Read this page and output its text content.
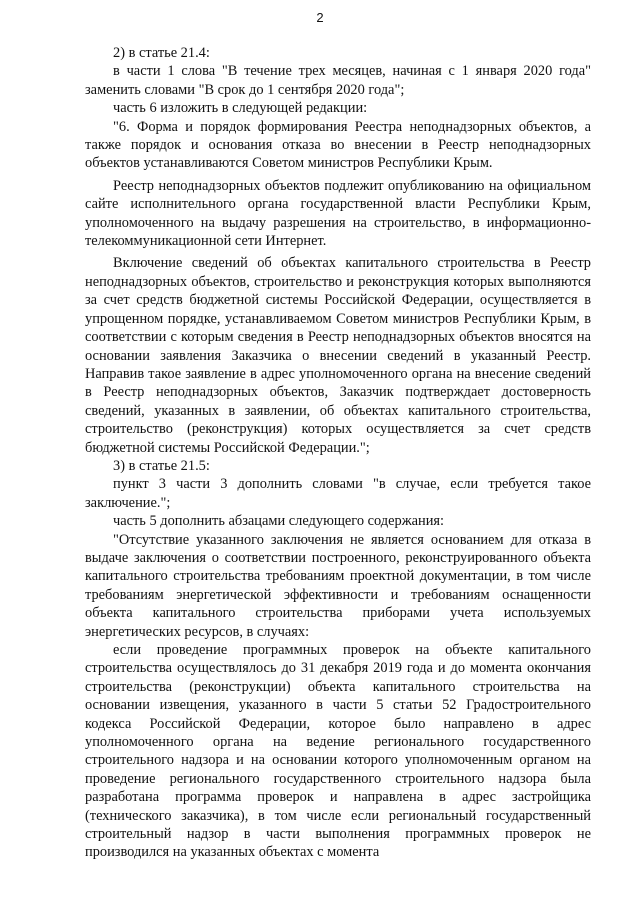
2

2) в статье 21.4:

в части 1 слова "В течение трех месяцев, начиная с 1 января 2020 года" заменить словами "В срок до 1 сентября 2020 года";

часть 6 изложить в следующей редакции:

"6. Форма и порядок формирования Реестра неподнадзорных объектов, а также порядок и основания отказа во внесении в Реестр неподнадзорных объектов устанавливаются Советом министров Республики Крым.

Реестр неподнадзорных объектов подлежит опубликованию на официальном сайте исполнительного органа государственной власти Республики Крым, уполномоченного на выдачу разрешения на строительство, в информационно-телекоммуникационной сети Интернет.

Включение сведений об объектах капитального строительства в Реестр неподнадзорных объектов, строительство и реконструкция которых выполняются за счет средств бюджетной системы Российской Федерации, осуществляется в упрощенном порядке, устанавливаемом Советом министров Республики Крым, в соответствии с которым сведения в Реестр неподнадзорных объектов вносятся на основании заявления Заказчика о внесении сведений в указанный Реестр. Направив такое заявление в адрес уполномоченного органа на внесение сведений в Реестр неподнадзорных объектов, Заказчик подтверждает достоверность сведений, указанных в заявлении, об объектах капитального строительства, строительство (реконструкция) которых осуществляется за счет средств бюджетной системы Российской Федерации.";

3) в статье 21.5:

пункт 3 части 3 дополнить словами "в случае, если требуется такое заключение.";

часть 5 дополнить абзацами следующего содержания:

"Отсутствие указанного заключения не является основанием для отказа в выдаче заключения о соответствии построенного, реконструированного объекта капитального строительства требованиям проектной документации, в том числе требованиям энергетической эффективности и требованиям оснащенности объекта капитального строительства приборами учета используемых энергетических ресурсов, в случаях:

если проведение программных проверок на объекте капитального строительства осуществлялось до 31 декабря 2019 года и до момента окончания строительства (реконструкции) объекта капитального строительства на основании извещения, указанного в части 5 статьи 52 Градостроительного кодекса Российской Федерации, которое было направлено в адрес уполномоченного органа на ведение регионального государственного строительного надзора и на основании которого уполномоченным органом на проведение регионального государственного строительного надзора была разработана программа проверок и направлена в адрес застройщика (технического заказчика), в том числе если региональный государственный строительный надзор в части выполнения программных проверок не производился на указанных объектах с момента
